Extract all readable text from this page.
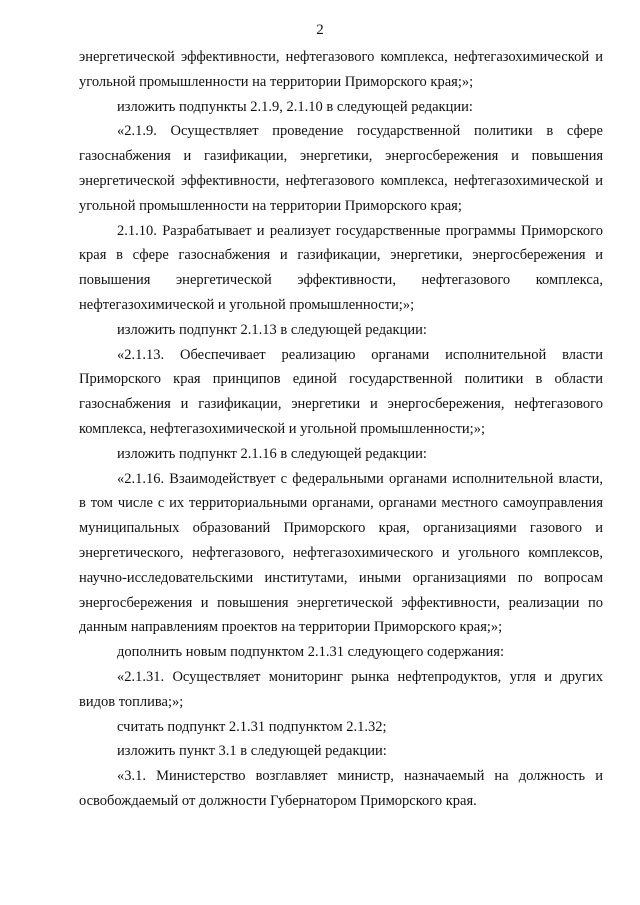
2

энергетической эффективности, нефтегазового комплекса, нефтегазохимической и угольной промышленности на территории Приморского края;»;

изложить подпункты 2.1.9, 2.1.10 в следующей редакции:

«2.1.9. Осуществляет проведение государственной политики в сфере газоснабжения и газификации, энергетики, энергосбережения и повышения энергетической эффективности, нефтегазового комплекса, нефтегазохимической и угольной промышленности на территории Приморского края;

2.1.10. Разрабатывает и реализует государственные программы Приморского края в сфере газоснабжения и газификации, энергетики, энергосбережения и повышения энергетической эффективности, нефтегазового комплекса, нефтегазохимической и угольной промышленности;»;

изложить подпункт 2.1.13 в следующей редакции:

«2.1.13. Обеспечивает реализацию органами исполнительной власти Приморского края принципов единой государственной политики в области газоснабжения и газификации, энергетики и энергосбережения, нефтегазового комплекса, нефтегазохимической и угольной промышленности;»;

изложить подпункт 2.1.16 в следующей редакции:

«2.1.16. Взаимодействует с федеральными органами исполнительной власти, в том числе с их территориальными органами, органами местного самоуправления муниципальных образований Приморского края, организациями газового и энергетического, нефтегазового, нефтегазохимического и угольного комплексов, научно-исследовательскими институтами, иными организациями по вопросам энергосбережения и повышения энергетической эффективности, реализации по данным направлениям проектов на территории Приморского края;»;

дополнить новым подпунктом 2.1.31 следующего содержания:

«2.1.31. Осуществляет мониторинг рынка нефтепродуктов, угля и других видов топлива;»;

считать подпункт 2.1.31 подпунктом 2.1.32;

изложить пункт 3.1 в следующей редакции:

«3.1. Министерство возглавляет министр, назначаемый на должность и освобождаемый от должности Губернатором Приморского края.
